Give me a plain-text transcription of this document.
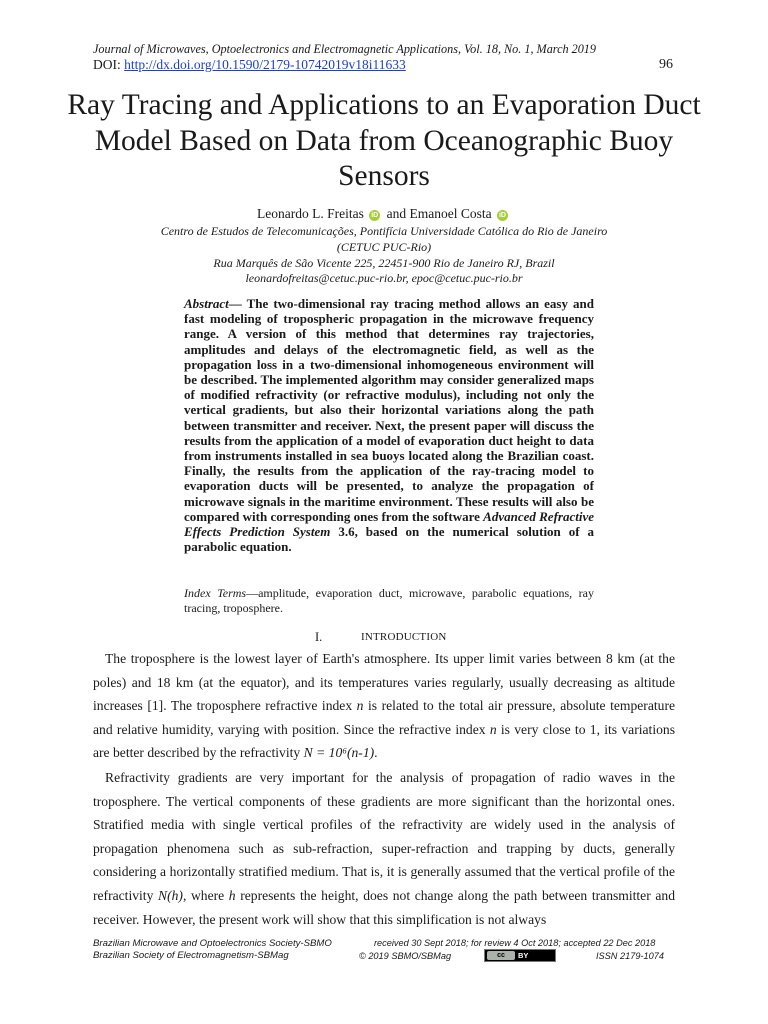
Journal of Microwaves, Optoelectronics and Electromagnetic Applications, Vol. 18, No. 1, March 2019
DOI: http://dx.doi.org/10.1590/2179-10742019v18i11633	96
Ray Tracing and Applications to an Evaporation Duct Model Based on Data from Oceanographic Buoy Sensors
Leonardo L. Freitas iD and Emanoel Costa iD
Centro de Estudos de Telecomunicações, Pontifícia Universidade Católica do Rio de Janeiro
(CETUC PUC-Rio)
Rua Marquês de São Vicente 225, 22451-900 Rio de Janeiro RJ, Brazil
leonardofreitas@cetuc.puc-rio.br, epoc@cetuc.puc-rio.br
Abstract— The two-dimensional ray tracing method allows an easy and fast modeling of tropospheric propagation in the microwave frequency range. A version of this method that determines ray trajectories, amplitudes and delays of the electromagnetic field, as well as the propagation loss in a two-dimensional inhomogeneous environment will be described. The implemented algorithm may consider generalized maps of modified refractivity (or refractive modulus), including not only the vertical gradients, but also their horizontal variations along the path between transmitter and receiver. Next, the present paper will discuss the results from the application of a model of evaporation duct height to data from instruments installed in sea buoys located along the Brazilian coast. Finally, the results from the application of the ray-tracing model to evaporation ducts will be presented, to analyze the propagation of microwave signals in the maritime environment. These results will also be compared with corresponding ones from the software Advanced Refractive Effects Prediction System 3.6, based on the numerical solution of a parabolic equation.
Index Terms—amplitude, evaporation duct, microwave, parabolic equations, ray tracing, troposphere.
I.	INTRODUCTION

The troposphere is the lowest layer of Earth's atmosphere. Its upper limit varies between 8 km (at the poles) and 18 km (at the equator), and its temperatures varies regularly, usually decreasing as altitude increases [1]. The troposphere refractive index n is related to the total air pressure, absolute temperature and relative humidity, varying with position. Since the refractive index n is very close to 1, its variations are better described by the refractivity N = 10⁶(n-1).

Refractivity gradients are very important for the analysis of propagation of radio waves in the troposphere. The vertical components of these gradients are more significant than the horizontal ones. Stratified media with single vertical profiles of the refractivity are widely used in the analysis of propagation phenomena such as sub-refraction, super-refraction and trapping by ducts, generally considering a horizontally stratified medium. That is, it is generally assumed that the vertical profile of the refractivity N(h), where h represents the height, does not change along the path between transmitter and receiver. However, the present work will show that this simplification is not always

Brazilian Microwave and Optoelectronics Society-SBMO
Brazilian Society of Electromagnetism-SBMag
received 30 Sept 2018; for review 4 Oct 2018; accepted 22 Dec 2018
© 2019 SBMO/SBMag	cc	BY	ISSN 2179-1074
